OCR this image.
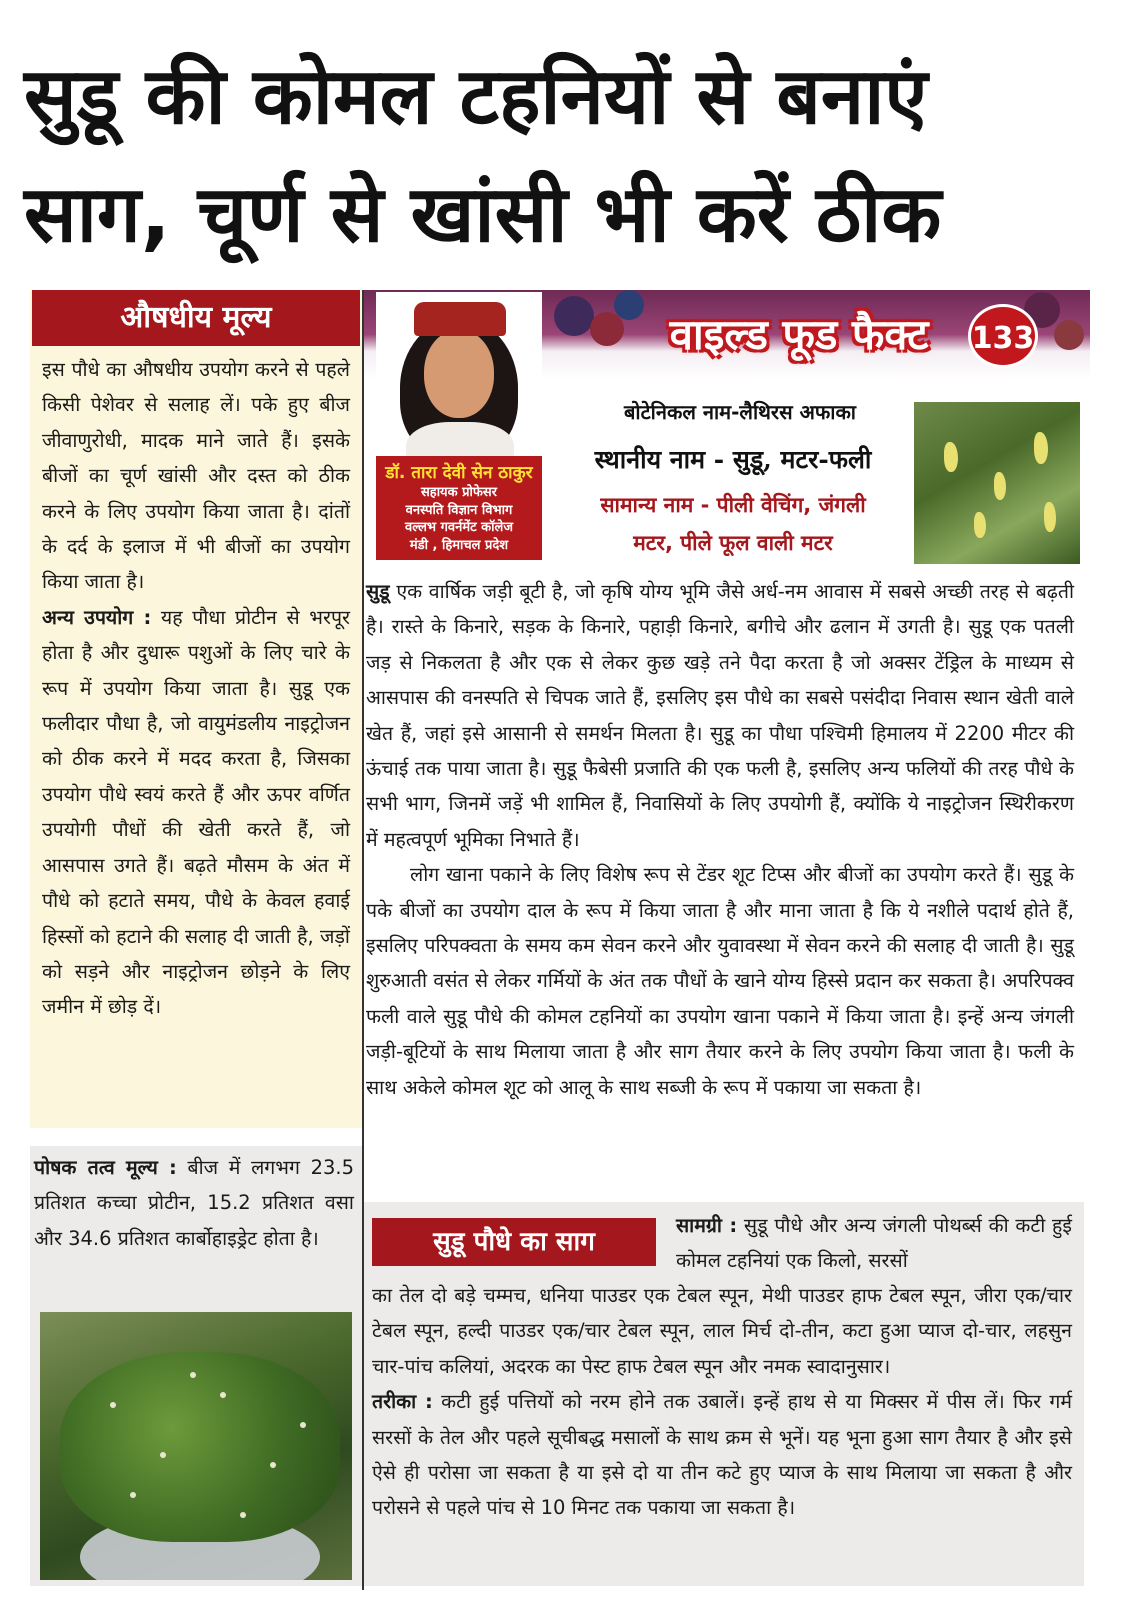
सुडू की कोमल टहनियों से बनाएं
साग, चूर्ण से खांसी भी करें ठीक
औषधीय मूल्य
इस पौधे का औषधीय उपयोग करने से पहले किसी पेशेवर से सलाह लें। पके हुए बीज जीवाणुरोधी, मादक माने जाते हैं। इसके बीजों का चूर्ण खांसी और दस्त को ठीक करने के लिए उपयोग किया जाता है। दांतों के दर्द के इलाज में भी बीजों का उपयोग किया जाता है।
अन्य उपयोग : यह पौधा प्रोटीन से भरपूर होता है और दुधारू पशुओं के लिए चारे के रूप में उपयोग किया जाता है। सुडू एक फलीदार पौधा है, जो वायुमंडलीय नाइट्रोजन को ठीक करने में मदद करता है, जिसका उपयोग पौधे स्वयं करते हैं और ऊपर वर्णित उपयोगी पौधों की खेती करते हैं, जो आसपास उगते हैं। बढ़ते मौसम के अंत में पौधे को हटाते समय, पौधे के केवल हवाई हिस्सों को हटाने की सलाह दी जाती है, जड़ों को सड़ने और नाइट्रोजन छोड़ने के लिए जमीन में छोड़ दें।
पोषक तत्व मूल्य : बीज में लगभग 23.5 प्रतिशत कच्चा प्रोटीन, 15.2 प्रतिशत वसा और 34.6 प्रतिशत कार्बोहाइड्रेट होता है।
डॉ. तारा देवी सेन ठाकुर
सहायक प्रोफेसर
वनस्पति विज्ञान विभाग
वल्लभ गवर्नमेंट कॉलेज
मंडी , हिमाचल प्रदेश
वाइल्ड फूड फैक्ट	133
बोटेनिकल नाम-लैथिरस अफाका
स्थानीय नाम - सुडू, मटर-फली
सामान्य नाम - पीली वेचिंग, जंगली
मटर, पीले फूल वाली मटर

सुडू एक वार्षिक जड़ी बूटी है, जो कृषि योग्य भूमि जैसे अर्ध-नम आवास में सबसे अच्छी तरह से बढ़ती है। रास्ते के किनारे, सड़क के किनारे, पहाड़ी किनारे, बगीचे और ढलान में उगती है। सुडू एक पतली जड़ से निकलता है और एक से लेकर कुछ खड़े तने पैदा करता है जो अक्सर टेंड्रिल के माध्यम से आसपास की वनस्पति से चिपक जाते हैं, इसलिए इस पौधे का सबसे पसंदीदा निवास स्थान खेती वाले खेत हैं, जहां इसे आसानी से समर्थन मिलता है। सुडू का पौधा पश्चिमी हिमालय में 2200 मीटर की ऊंचाई तक पाया जाता है। सुडू फैबेसी प्रजाति की एक फली है, इसलिए अन्य फलियों की तरह पौधे के सभी भाग, जिनमें जड़ें भी शामिल हैं, निवासियों के लिए उपयोगी हैं, क्योंकि ये नाइट्रोजन स्थिरीकरण में महत्वपूर्ण भूमिका निभाते हैं।

लोग खाना पकाने के लिए विशेष रूप से टेंडर शूट टिप्स और बीजों का उपयोग करते हैं। सुडू के पके बीजों का उपयोग दाल के रूप में किया जाता है और माना जाता है कि ये नशीले पदार्थ होते हैं, इसलिए परिपक्वता के समय कम सेवन करने और युवावस्था में सेवन करने की सलाह दी जाती है। सुडू शुरुआती वसंत से लेकर गर्मियों के अंत तक पौधों के खाने योग्य हिस्से प्रदान कर सकता है। अपरिपक्व फली वाले सुडू पौधे की कोमल टहनियों का उपयोग खाना पकाने में किया जाता है। इन्हें अन्य जंगली जड़ी-बूटियों के साथ मिलाया जाता है और साग तैयार करने के लिए उपयोग किया जाता है। फली के साथ अकेले कोमल शूट को आलू के साथ सब्जी के रूप में पकाया जा सकता है।

सुडू पौधे का साग
सामग्री : सुडू पौधे और अन्य जंगली पोथर्ब्स की कटी हुई कोमल टहनियां एक किलो, सरसों
का तेल दो बड़े चम्मच, धनिया पाउडर एक टेबल स्पून, मेथी पाउडर हाफ टेबल स्पून, जीरा एक/चार टेबल स्पून, हल्दी पाउडर एक/चार टेबल स्पून, लाल मिर्च दो-तीन, कटा हुआ प्याज दो-चार, लहसुन चार-पांच कलियां, अदरक का पेस्ट हाफ टेबल स्पून और नमक स्वादानुसार।
तरीका : कटी हुई पत्तियों को नरम होने तक उबालें। इन्हें हाथ से या मिक्सर में पीस लें। फिर गर्म सरसों के तेल और पहले सूचीबद्ध मसालों के साथ क्रम से भूनें। यह भूना हुआ साग तैयार है और इसे ऐसे ही परोसा जा सकता है या इसे दो या तीन कटे हुए प्याज के साथ मिलाया जा सकता है और परोसने से पहले पांच से 10 मिनट तक पकाया जा सकता है।
